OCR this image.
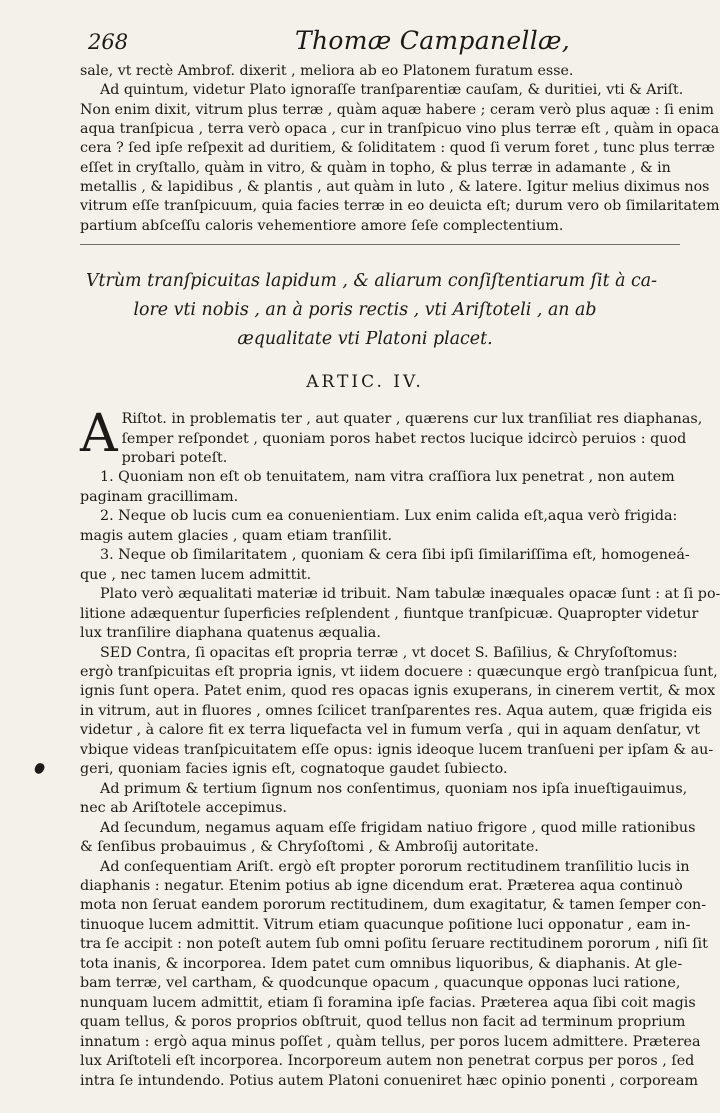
268	Thomæ Campanellæ,
sale, vt rectè Ambrof. dixerit , meliora ab eo Platonem furatum esse.
Ad quintum, videtur Plato ignoraſſe tranſparentiæ cauſam, & duritiei, vti & Ariſt.
Non enim dixit, vitrum plus terræ , quàm aquæ habere ; ceram verò plus aquæ : ſi enim
aqua tranſpicua , terra verò opaca , cur in tranſpicuo vino plus terræ eſt , quàm in opaca
cera ? ſed ipſe reſpexit ad duritiem, & ſoliditatem : quod ſi verum foret , tunc plus terræ
eſſet in cryſtallo, quàm in vitro, & quàm in topho, & plus terræ in adamante , & in
metallis , & lapidibus , & plantis , aut quàm in luto , & latere. Igitur melius diximus nos
vitrum eſſe tranſpicuum, quia facies terræ in eo deuicta eſt; durum vero ob ſimilaritatem
partium abſceſſu caloris vehementiore amore ſeſe complectentium.
Vtrùm tranſpicuitas lapidum , & aliarum conſiſtentiarum ſit à ca-
lore vti nobis , an à poris rectis , vti Ariſtoteli , an ab
æqualitate vti Platoni placet.
ARTIC. IV.
A Riſtot. in problematis ter , aut quater , quærens cur lux tranſiliat res diaphanas,
ſemper reſpondet , quoniam poros habet rectos lucique idcircò peruios : quod
probari poteſt.
1. Quoniam non eſt ob tenuitatem, nam vitra craſſiora lux penetrat , non autem
paginam gracillimam.
2. Neque ob lucis cum ea conuenientiam. Lux enim calida eſt,aqua verò frigida:
magis autem glacies , quam etiam tranſilit.
3. Neque ob ſimilaritatem , quoniam & cera ſibi ipſi ſimilariſſima eſt, homogeneá-
que , nec tamen lucem admittit.
Plato verò æqualitati materiæ id tribuit. Nam tabulæ inæquales opacæ ſunt : at ſi po-
litione adæquentur ſuperficies reſplendent , fiuntque tranſpicuæ. Quapropter videtur
lux tranſilire diaphana quatenus æqualia.
SED Contra, ſi opacitas eſt propria terræ , vt docet S. Baſilius, & Chryſoſtomus:
ergò tranſpicuitas eſt propria ignis, vt iidem docuere : quæcunque ergò tranſpicua ſunt,
ignis ſunt opera. Patet enim, quod res opacas ignis exuperans, in cinerem vertit, & mox
in vitrum, aut in fluores , omnes ſcilicet tranſparentes res. Aqua autem, quæ frigida eis
videtur , à calore fit ex terra liquefacta vel in fumum verſa , qui in aquam denſatur, vt
vbique videas tranſpicuitatem eſſe opus: ignis ideoque lucem tranſueni per ipſam & au-
geri, quoniam facies ignis eſt, cognatoque gaudet ſubiecto.
Ad primum & tertium ſignum nos conſentimus, quoniam nos ipſa inueſtigauimus,
nec ab Ariſtotele accepimus.
Ad ſecundum, negamus aquam eſſe frigidam natiuo frigore , quod mille rationibus
& ſenſibus probauimus , & Chryſoſtomi , & Ambroſij autoritate.
Ad conſequentiam Ariſt. ergò eſt propter pororum rectitudinem tranſilitio lucis in
diaphanis : negatur. Etenim potius ab igne dicendum erat. Præterea aqua continuò
mota non ſeruat eandem pororum rectitudinem, dum exagitatur, & tamen ſemper con-
tinuoque lucem admittit. Vitrum etiam quacunque poſitione luci opponatur , eam in-
tra ſe accipit : non poteſt autem ſub omni poſitu ſeruare rectitudinem pororum , niſi ſit
tota inanis, & incorporea. Idem patet cum omnibus liquoribus, & diaphanis. At gle-
bam terræ, vel cartham, & quodcunque opacum , quacunque opponas luci ratione,
nunquam lucem admittit, etiam ſi foramina ipſe facias. Præterea aqua ſibi coit magis
quam tellus, & poros proprios obſtruit, quod tellus non facit ad terminum proprium
innatum : ergò aqua minus poſſet , quàm tellus, per poros lucem admittere. Præterea
lux Ariſtoteli eſt incorporea. Incorporeum autem non penetrat corpus per poros , ſed
intra ſe intundendo. Potius autem Platoni conueniret hæc opinio ponenti , corpoream
